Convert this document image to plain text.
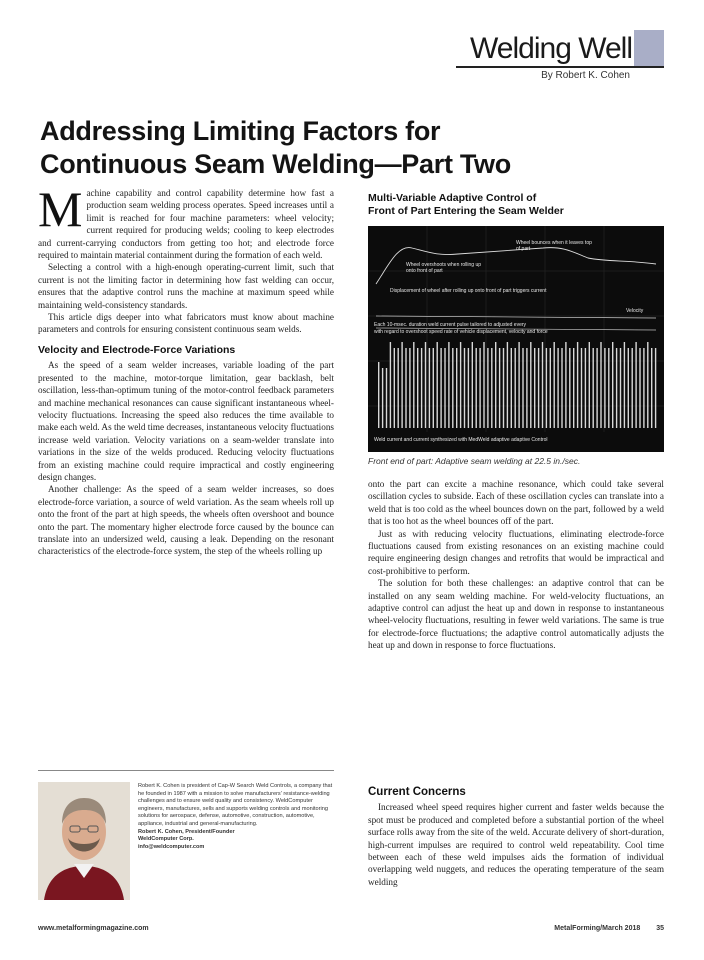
Welding Well
By Robert K. Cohen
Addressing Limiting Factors for
Continuous Seam Welding—Part Two

Machine capability and control capability determine how fast a production seam welding process operates. Speed increases until a limit is reached for four machine parameters: wheel velocity; current required for producing welds; cooling to keep electrodes and current-carrying conductors from getting too hot; and electrode force required to maintain material containment during the formation of each weld.

Selecting a control with a high-enough operating-current limit, such that current is not the limiting factor in determining how fast welding can occur, ensures that the adaptive control runs the machine at maximum speed while maintaining weld-consistency standards.

This article digs deeper into what fabricators must know about machine parameters and controls for ensuring consistent continuous seam welds.

Velocity and Electrode-Force Variations

As the speed of a seam welder increases, variable loading of the part presented to the machine, motor-torque limitation, gear backlash, belt oscillation, less-than-optimum tuning of the motor-control feedback parameters and machine mechanical resonances can cause significant instantaneous wheel-velocity fluctuations. Increasing the speed also reduces the time available to make each weld. As the weld time decreases, instantaneous velocity fluctuations increase weld variation. Velocity variations on a seam-welder translate into variations in the size of the welds produced. Reducing velocity fluctuations from an existing machine could require impractical and costly engineering design changes.

Another challenge: As the speed of a seam welder increases, so does electrode-force variation, a source of weld variation. As the seam wheels roll up onto the front of the part at high speeds, the wheels often overshoot and bounce onto the part. The momentary higher electrode force caused by the bounce can translate into an undersized weld, causing a leak. Depending on the resonant characteristics of the electrode-force system, the step of the wheels rolling up

Multi-Variable Adaptive Control of
Front of Part Entering the Seam Welder
Wheel bounces when it leaves top of part
Wheel overshoots when rolling up onto front of part
Displacement of wheel after rolling up onto front of part triggers current
Velocity
Each 10-msec. duration weld current pulse tailored to adjusted every
with regard to overshoot speed rate of vehicle displacement, velocity and force
Weld current and current synthesized with MedWeld adaptive adaptive Control
Front end of part: Adaptive seam welding at 22.5 in./sec.

onto the part can excite a machine resonance, which could take several oscillation cycles to subside. Each of these oscillation cycles can translate into a weld that is too cold as the wheel bounces down on the part, followed by a weld that is too hot as the wheel bounces off of the part.

Just as with reducing velocity fluctuations, eliminating electrode-force fluctuations caused from existing resonances on an existing machine could require engineering design changes and retrofits that would be impractical and cost-prohibitive to perform.

The solution for both these challenges: an adaptive control that can be installed on any seam welding machine. For weld-velocity fluctuations, an adaptive control can adjust the heat up and down in response to instantaneous wheel-velocity fluctuations, resulting in fewer weld variations. The same is true for electrode-force fluctuations; the adaptive control automatically adjusts the heat up and down in response to force fluctuations.

Current Concerns

Increased wheel speed requires higher current and faster welds because the spot must be produced and completed before a substantial portion of the wheel surface rolls away from the site of the weld. Accurate delivery of short-duration, high-current impulses are required to control weld repeatability. Cool time between each of these weld impulses aids the formation of individual overlapping weld nuggets, and reduces the operating temperature of the seam welding

Robert K. Cohen is president of Cap-W Search Weld Controls, a company that he founded in 1987 with a mission to solve manufacturers' resistance-welding challenges and to ensure weld quality and consistency. WeldComputer engineers, manufactures, sells and supports welding controls and monitoring solutions for aerospace, defense, automotive, construction, automotive, appliance, industrial and general-manufacturing.
Robert K. Cohen, President/Founder
WeldComputer Corp.
info@weldcomputer.com
www.metalformingmagazine.com	MetalForming/March 2018 35
